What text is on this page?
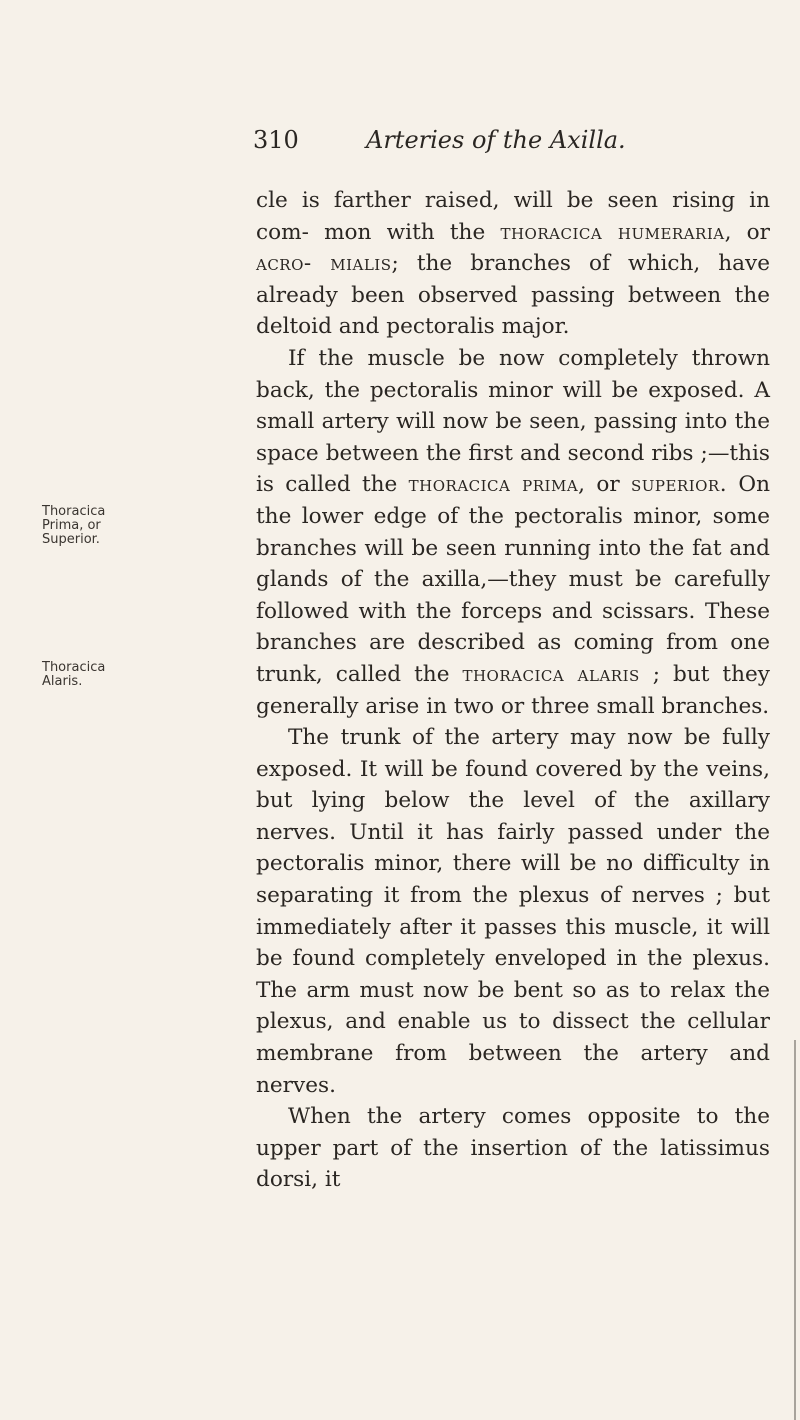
310	Arteries of the Axilla.
Thoracica
Prima, or
Superior.
Thoracica
Alaris.

cle is farther raised, will be seen rising in com- mon with the thoracica humeraria, or acro- mialis; the branches of which, have already been observed passing between the deltoid and pectoralis major.

If the muscle be now completely thrown back, the pectoralis minor will be exposed. A small artery will now be seen, passing into the space between the first and second ribs ;—this is called the thoracica prima, or superior. On the lower edge of the pectoralis minor, some branches will be seen running into the fat and glands of the axilla,—they must be carefully followed with the forceps and scissars. These branches are described as coming from one trunk, called the thoracica alaris ; but they generally arise in two or three small branches.

The trunk of the artery may now be fully exposed. It will be found covered by the veins, but lying below the level of the axillary nerves. Until it has fairly passed under the pectoralis minor, there will be no difficulty in separating it from the plexus of nerves ; but immediately after it passes this muscle, it will be found completely enveloped in the plexus. The arm must now be bent so as to relax the plexus, and enable us to dissect the cellular membrane from between the artery and nerves.

When the artery comes opposite to the upper part of the insertion of the latissimus dorsi, it
